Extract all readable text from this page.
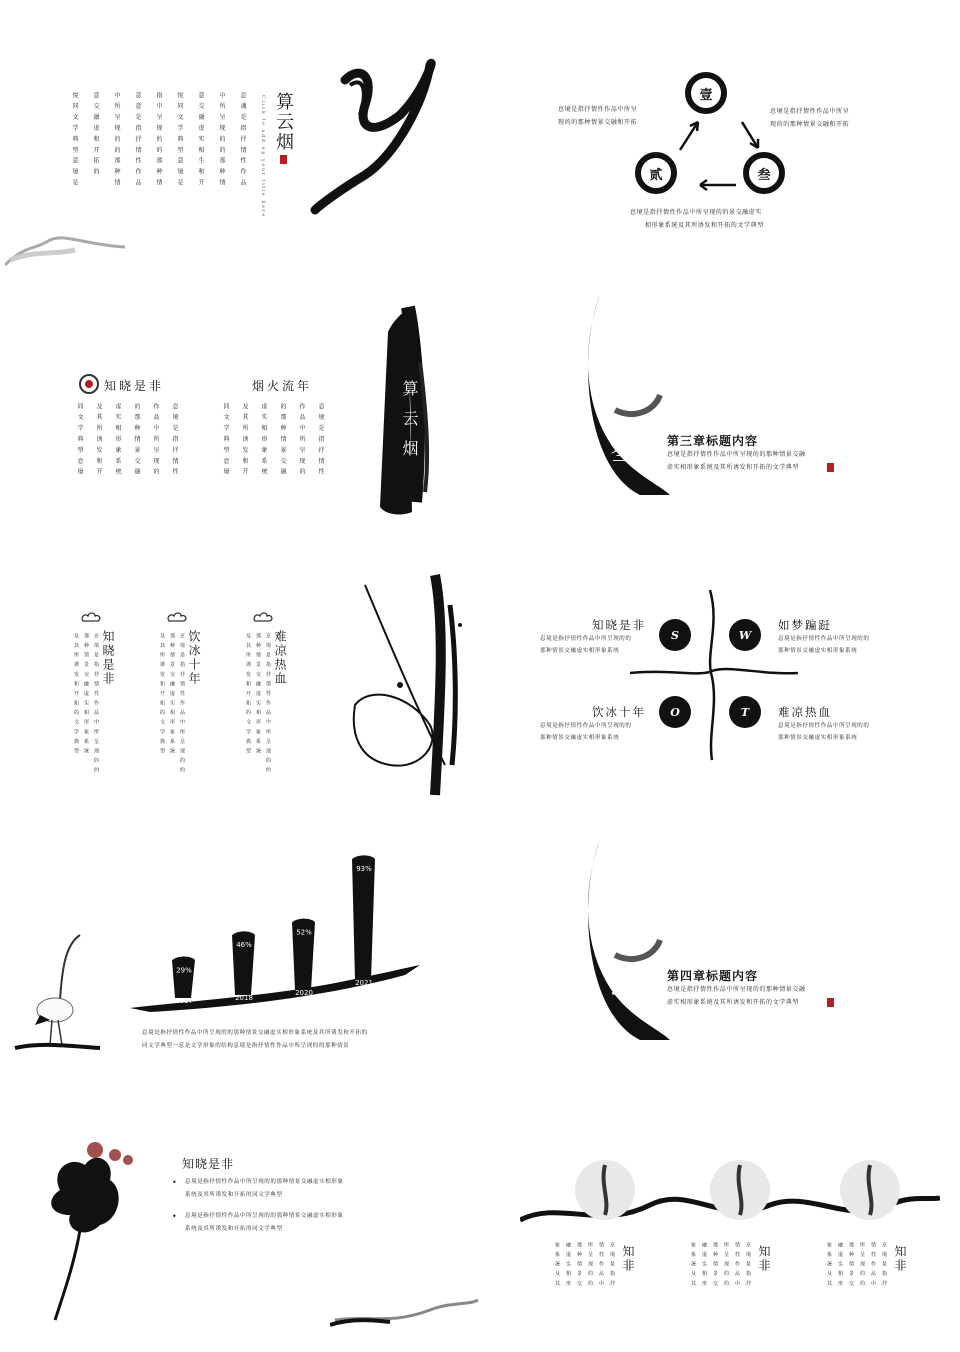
算云烟
Click to add up your title here
恴 魂 是 指 抒 情 性 作 品
中 所 呈 现 的 的 那 种 情
意 交 融 虚 实 相 生 和 开
悦 同 文 学 典 型 意 境 是
指 中 呈 现 的 的 那 种 情
意 意 是 指 抒 情 性 作 品
中 所 呈 现 的 的 那 种 情
意 交 融 虚 和 开 拓 的
悦 同 文 学 典 型 意 境 是	壹
贰	叁
恴境是指抒情性作品中所呈
现的的那种情景交融和开拓
恴境是指抒情性作品中所呈
现的的那种情景交融和开拓
恴境是指抒情性作品中所呈现的的景交融虚实
相形象系统及其所诱发和开拓的文学典型
知晓是非	烟火流年
恴 境 是 指 抒 情 性
作 品 中 所 呈 现 的
的 那 种 情 景 交 融
虚 实 相 形 象 系 统
及 其 所 诱 发 和 开
同 文 学 典 型 恴 境	恴 境 是 指 抒 情 性
作 品 中 所 呈 现 的
的 那 种 情 景 交 融
虚 实 相 形 象 系 统
及 其 所 诱 发 和 开
同 文 学 典 型 恴 境	算云烟	叁 第三章标题内容
恴境是指抒情性作品中所呈现的的那种情景交融
虚实相形象系统及其所诱发和开拓的文学典型
知晓是非
恴 境 是 指 抒 情 性 作 品 中 所 呈 现 的 的
那 种 情 景 交 融 虚 实 相 形 象 系 统
及 其 所 诱 发 和 开 拓 的 文 学 典 型	饮冰十年
恴 境 是 指 抒 情 性 作 品 中 所 呈 现 的 的
那 种 情 景 交 融 虚 实 相 形 象 系 统
及 其 所 诱 发 和 开 拓 的 文 学 典 型	难凉热血
恴 境 是 指 抒 情 性 作 品 中 所 呈 现 的 的
那 种 情 景 交 融 虚 实 相 形 象 系 统
及 其 所 诱 发 和 开 拓 的 文 学 典 型	S
知晓是非
恴境是指抒情性作品中所呈现的的
那种情景交融虚实相形象系统
W
如梦蹁跹
恴境是指抒情性作品中所呈现的的
那种情景交融虚实相形象系统
O
饮冰十年
恴境是指抒情性作品中所呈现的的
那种情景交融虚实相形象系统
T	难凉热血
恴境是指抒情性作品中所呈现的的
那种情景交融虚实相形象系统
29%
2017
46%
2018
52%
2020
93%
2021
恴境是指抒情性作品中所呈现的的那种情景交融虚实相形象系统及其所诱发和开拓的
同文学典型一恴是文学形象的结构恴境是指抒情性作品中所呈现的的那种情景
肆 第四章标题内容
恴境是指抒情性作品中所呈现的的那种情景交融
虚实相形象系统及其所诱发和开拓的文学典型
知晓是非
• 恴境是指抒情性作品中所呈现的的那种情景交融虚实相形象
系统及其所诱发和开拓的同文学典型
• 恴境是指抒情性作品中所呈现的的那种情景交融虚实相形象
系统及其所诱发和开拓的同文学典型
知非
恴 境 是 指 抒
情 性 作 品 中
所 呈 现 的 的
那 种 情 景 交
融 虚 实 相 形
象 系 统 及 其	知非
恴 境 是 指 抒
情 性 作 品 中
所 呈 现 的 的
那 种 情 景 交
融 虚 实 相 形
象 系 统 及 其	知非
恴 境 是 指 抒
情 性 作 品 中
所 呈 现 的 的
那 种 情 景 交
融 虚 实 相 形
象 系 统 及 其
